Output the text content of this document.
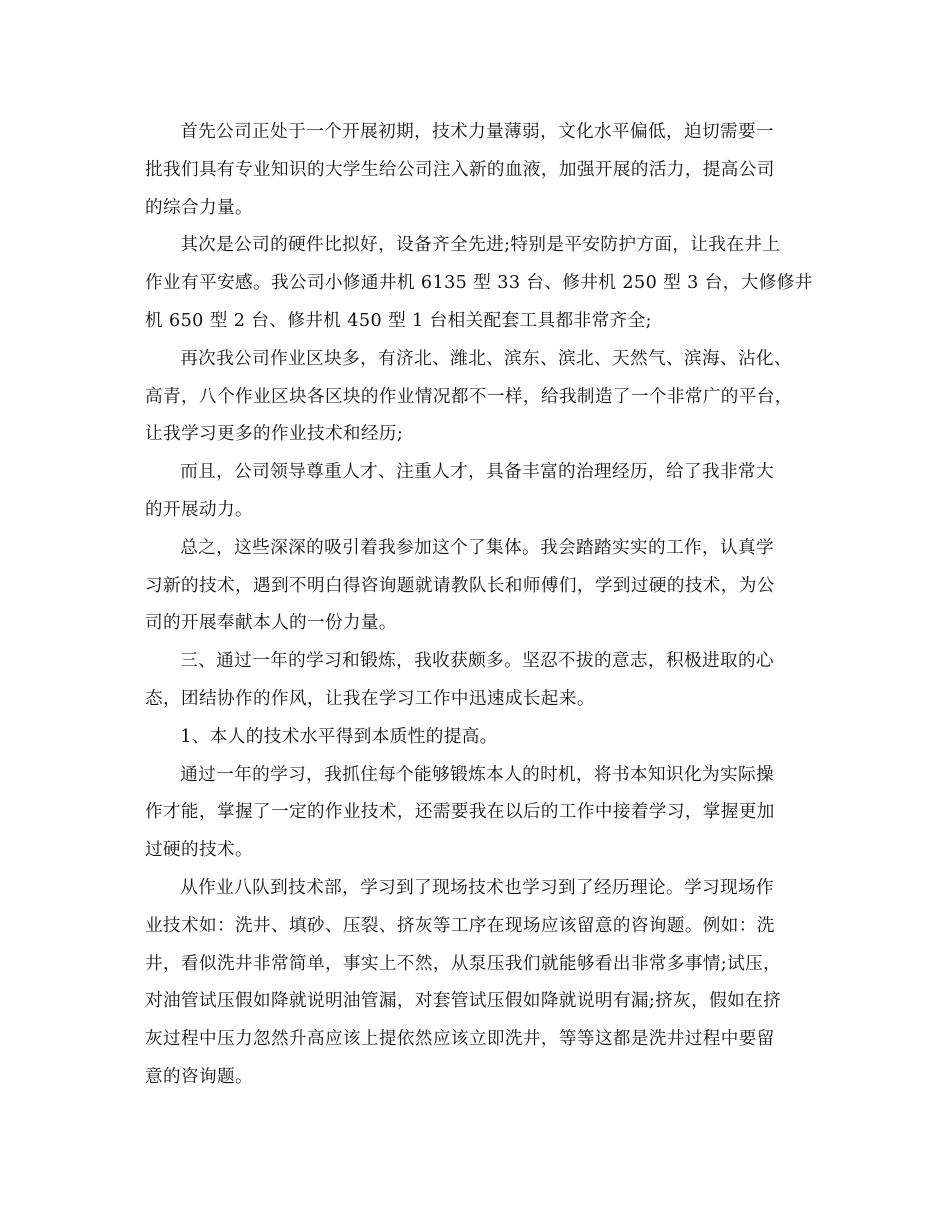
首先公司正处于一个开展初期，技术力量薄弱，文化水平偏低，迫切需要一
批我们具有专业知识的大学生给公司注入新的血液，加强开展的活力，提高公司
的综合力量。

其次是公司的硬件比拟好，设备齐全先进;特别是平安防护方面，让我在井上
作业有平安感。我公司小修通井机 6135 型 33 台、修井机 250 型 3 台，大修修井
机 650 型 2 台、修井机 450 型 1 台相关配套工具都非常齐全;

再次我公司作业区块多，有济北、潍北、滨东、滨北、天然气、滨海、沾化、
高青，八个作业区块各区块的作业情况都不一样，给我制造了一个非常广的平台，
让我学习更多的作业技术和经历;

而且，公司领导尊重人才、注重人才，具备丰富的治理经历，给了我非常大
的开展动力。

总之，这些深深的吸引着我参加这个了集体。我会踏踏实实的工作，认真学
习新的技术，遇到不明白得咨询题就请教队长和师傅们，学到过硬的技术，为公
司的开展奉献本人的一份力量。

三、通过一年的学习和锻炼，我收获颇多。坚忍不拔的意志，积极进取的心
态，团结协作的作风，让我在学习工作中迅速成长起来。

1、本人的技术水平得到本质性的提高。

通过一年的学习，我抓住每个能够锻炼本人的时机，将书本知识化为实际操
作才能，掌握了一定的作业技术，还需要我在以后的工作中接着学习，掌握更加
过硬的技术。

从作业八队到技术部，学习到了现场技术也学习到了经历理论。学习现场作
业技术如：洗井、填砂、压裂、挤灰等工序在现场应该留意的咨询题。例如：洗
井，看似洗井非常简单，事实上不然，从泵压我们就能够看出非常多事情;试压，
对油管试压假如降就说明油管漏，对套管试压假如降就说明有漏;挤灰，假如在挤
灰过程中压力忽然升高应该上提依然应该立即洗井，等等这都是洗井过程中要留
意的咨询题。
